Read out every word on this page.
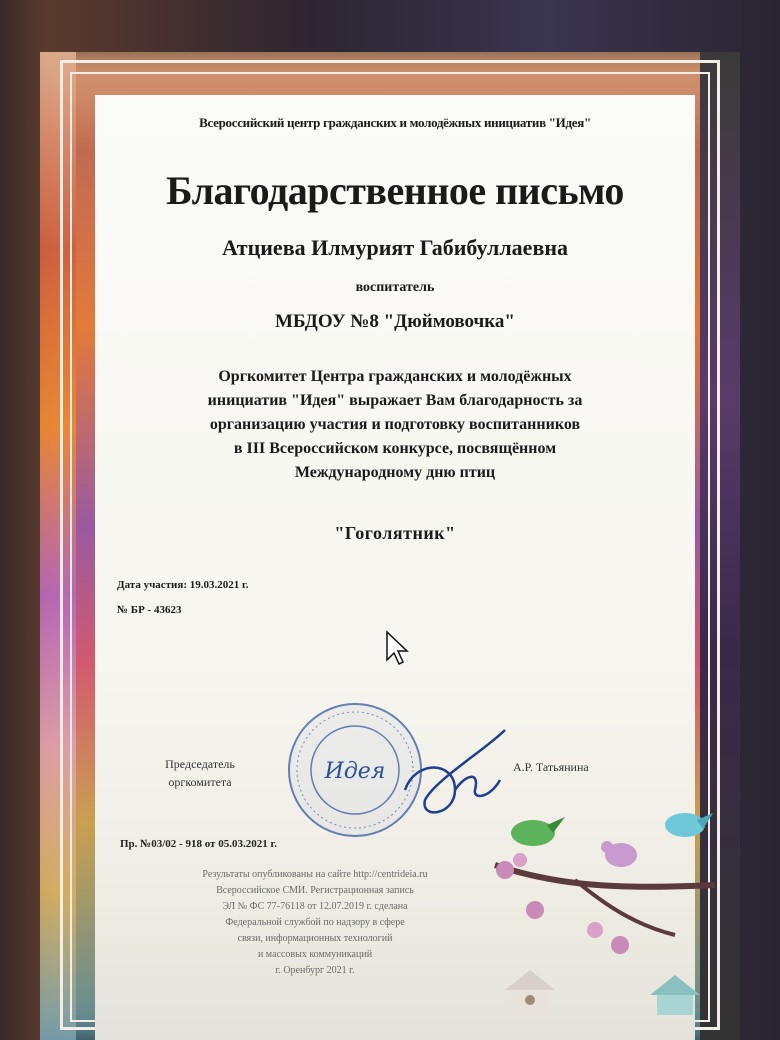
Всероссийский центр гражданских и молодёжных инициатив "Идея"
Благодарственное письмо
Атциева Илмурият Габибуллаевна
воспитатель
МБДОУ №8 "Дюймовочка"
Оргкомитет Центра гражданских и молодёжных
инициатив "Идея" выражает Вам благодарность за
организацию участия и подготовку воспитанников
в III Всероссийском конкурсе, посвящённом
Международному дню птиц
"Гоголятник"
Дата участия: 19.03.2021 г.
№ БР - 43623
Председатель
оргкомитета	Идея	А.Р. Татьянина
Пр. №03/02 - 918 от 05.03.2021 г.
Результаты опубликованы на сайте http://centrideia.ru
Всероссийское СМИ. Регистрационная запись
ЭЛ № ФС 77-76118 от 12.07.2019 г. сделана
Федеральной службой по надзору в сфере
связи, информационных технологий
и массовых коммуникаций
г. Оренбург 2021 г.
